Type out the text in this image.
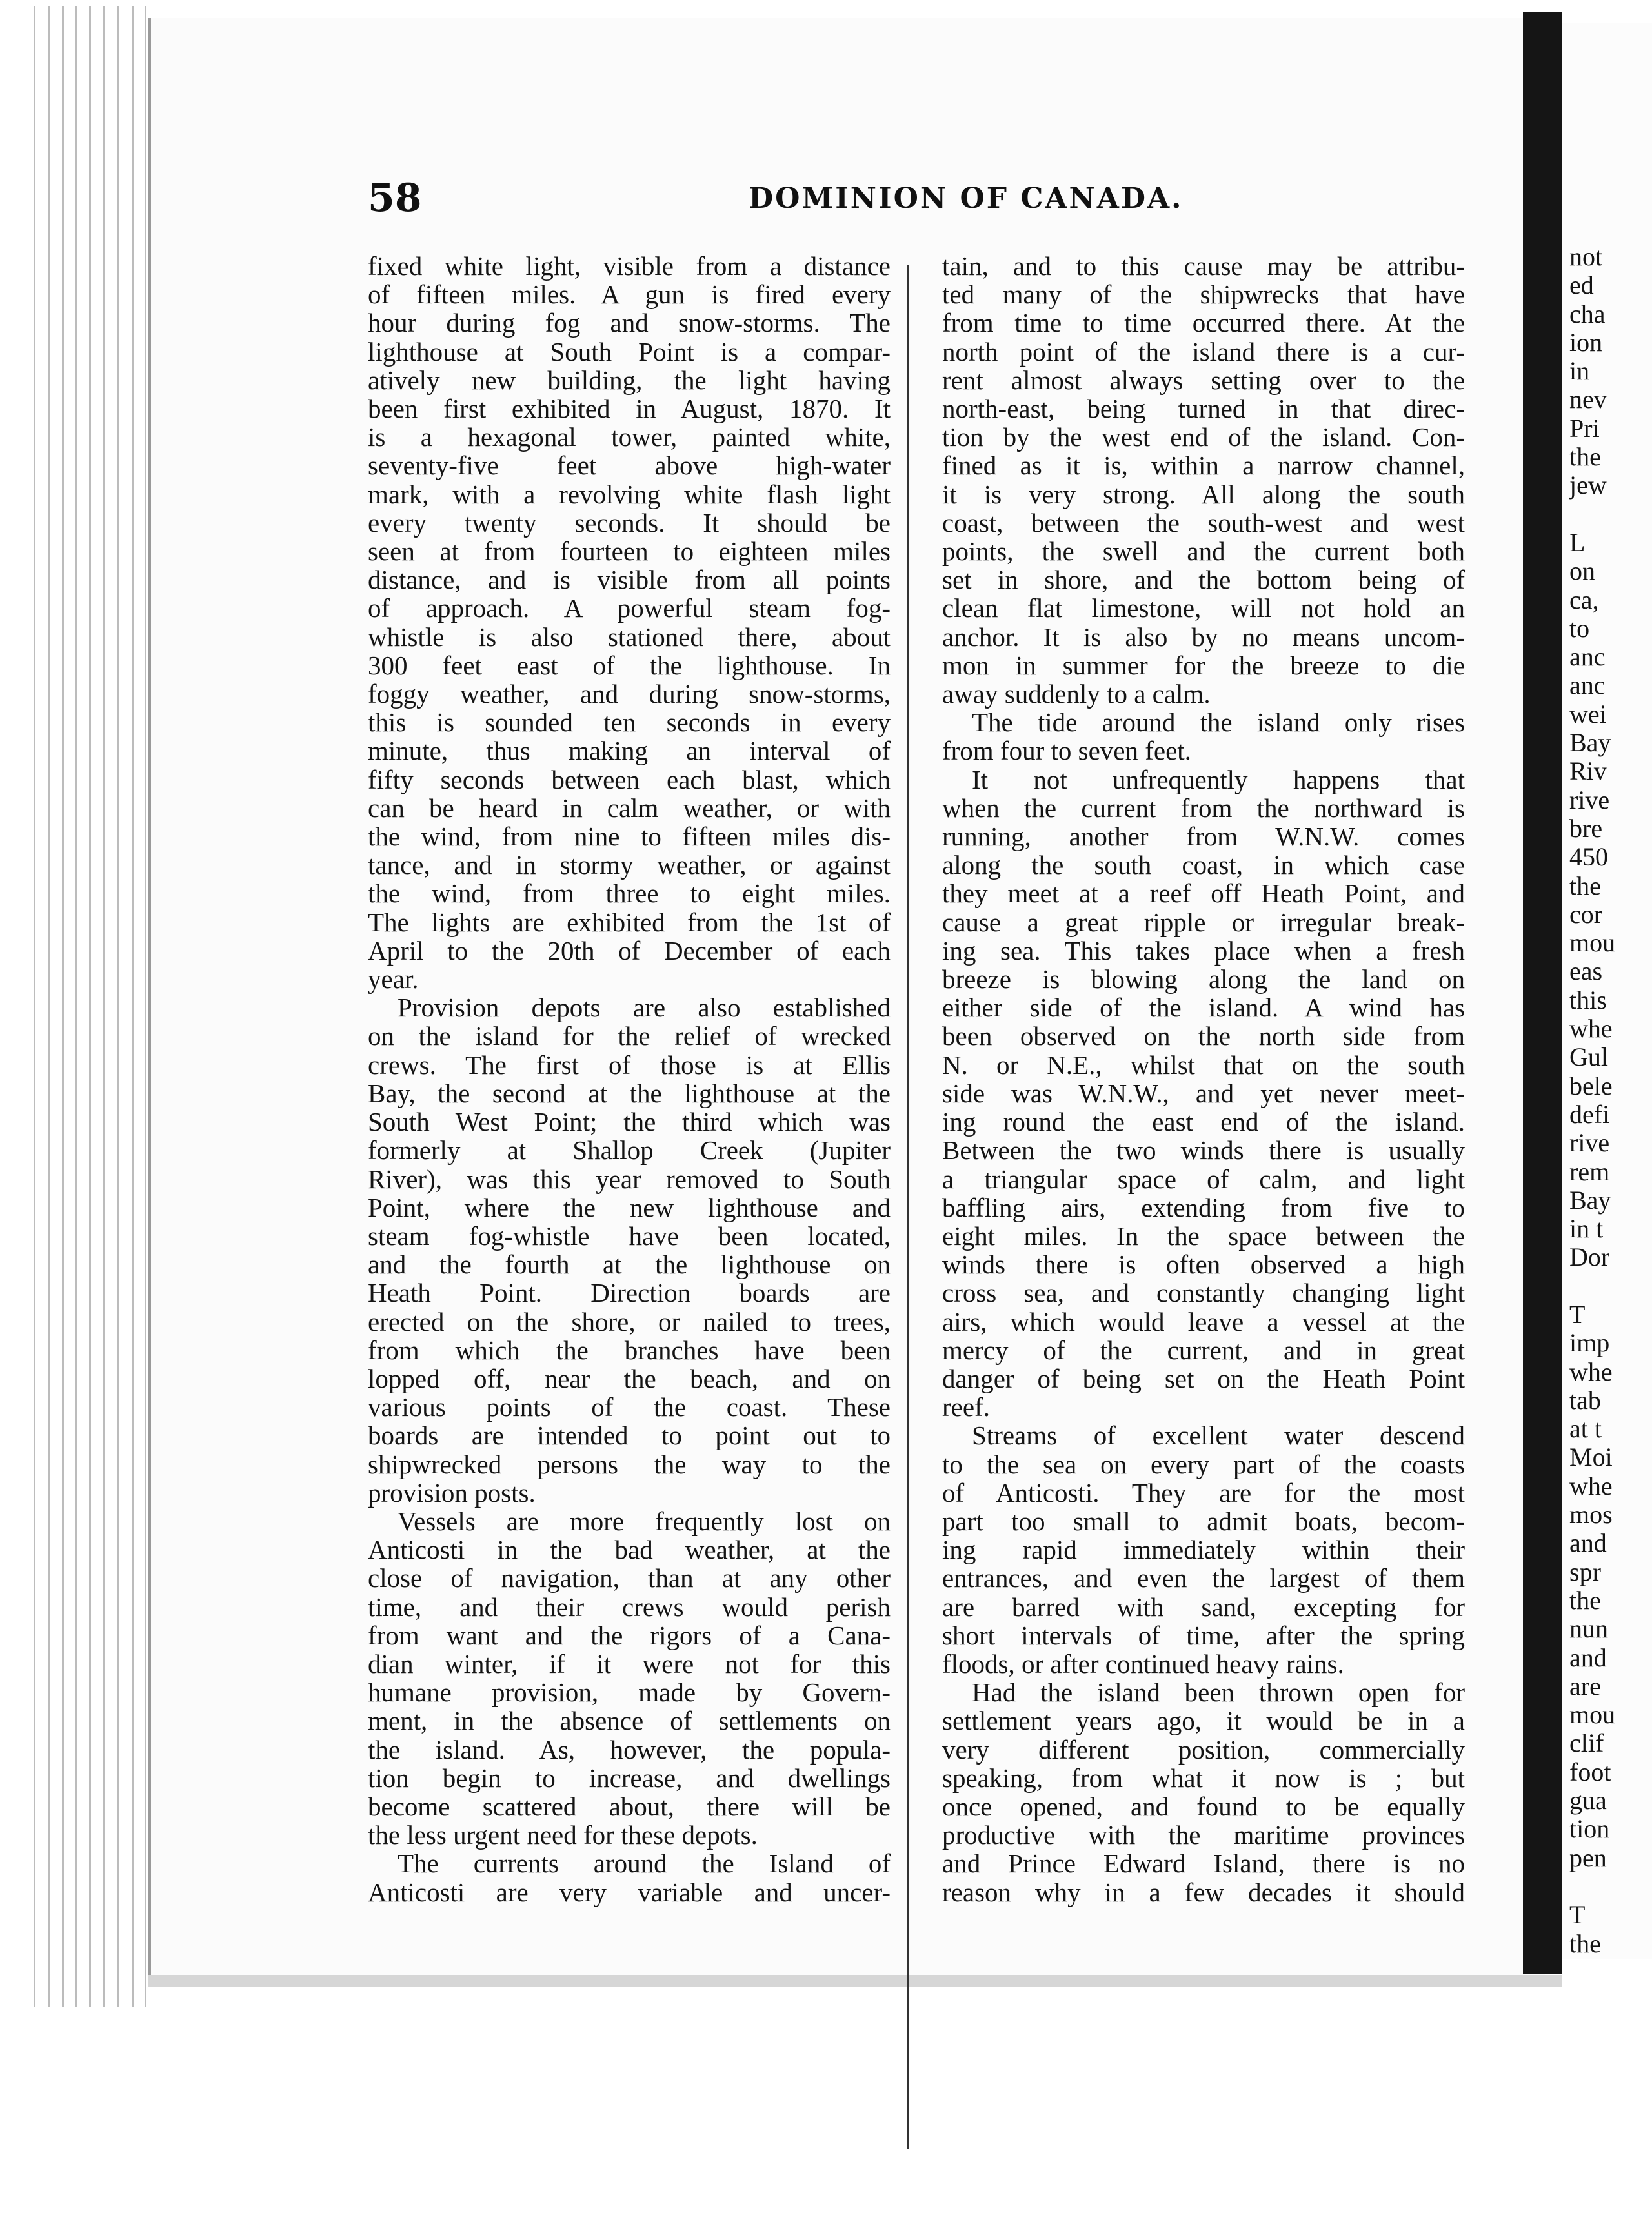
58	DOMINION OF CANADA.

fixed white light, visible from a distance
of fifteen miles. A gun is fired every
hour during fog and snow-storms. The
lighthouse at South Point is a compar-
atively new building, the light having
been first exhibited in August, 1870. It
is a hexagonal tower, painted white,
seventy-five feet above high-water
mark, with a revolving white flash light
every twenty seconds. It should be
seen at from fourteen to eighteen miles
distance, and is visible from all points
of approach. A powerful steam fog-
whistle is also stationed there, about
300 feet east of the lighthouse. In
foggy weather, and during snow-storms,
this is sounded ten seconds in every
minute, thus making an interval of
fifty seconds between each blast, which
can be heard in calm weather, or with
the wind, from nine to fifteen miles dis-
tance, and in stormy weather, or against
the wind, from three to eight miles.
The lights are exhibited from the 1st of
April to the 20th of December of each
year.
Provision depots are also established
on the island for the relief of wrecked
crews. The first of those is at Ellis
Bay, the second at the lighthouse at the
South West Point; the third which was
formerly at Shallop Creek (Jupiter
River), was this year removed to South
Point, where the new lighthouse and
steam fog-whistle have been located,
and the fourth at the lighthouse on
Heath Point. Direction boards are
erected on the shore, or nailed to trees,
from which the branches have been
lopped off, near the beach, and on
various points of the coast. These
boards are intended to point out to
shipwrecked persons the way to the
provision posts.
Vessels are more frequently lost on
Anticosti in the bad weather, at the
close of navigation, than at any other
time, and their crews would perish
from want and the rigors of a Cana-
dian winter, if it were not for this
humane provision, made by Govern-
ment, in the absence of settlements on
the island. As, however, the popula-
tion begin to increase, and dwellings
become scattered about, there will be
the less urgent need for these depots.
The currents around the Island of
Anticosti are very variable and uncer-
tain, and to this cause may be attribu-
ted many of the shipwrecks that have
from time to time occurred there. At the
north point of the island there is a cur-
rent almost always setting over to the
north-east, being turned in that direc-
tion by the west end of the island. Con-
fined as it is, within a narrow channel,
it is very strong. All along the south
coast, between the south-west and west
points, the swell and the current both
set in shore, and the bottom being of
clean flat limestone, will not hold an
anchor. It is also by no means uncom-
mon in summer for the breeze to die
away suddenly to a calm.
The tide around the island only rises
from four to seven feet.
It not unfrequently happens that
when the current from the northward is
running, another from W.N.W. comes
along the south coast, in which case
they meet at a reef off Heath Point, and
cause a great ripple or irregular break-
ing sea. This takes place when a fresh
breeze is blowing along the land on
either side of the island. A wind has
been observed on the north side from
N. or N.E., whilst that on the south
side was W.N.W., and yet never meet-
ing round the east end of the island.
Between the two winds there is usually
a triangular space of calm, and light
baffling airs, extending from five to
eight miles. In the space between the
winds there is often observed a high
cross sea, and constantly changing light
airs, which would leave a vessel at the
mercy of the current, and in great
danger of being set on the Heath Point
reef.
Streams of excellent water descend
to the sea on every part of the coasts
of Anticosti. They are for the most
part too small to admit boats, becom-
ing rapid immediately within their
entrances, and even the largest of them
are barred with sand, excepting for
short intervals of time, after the spring
floods, or after continued heavy rains.
Had the island been thrown open for
settlement years ago, it would be in a
very different position, commercially
speaking, from what it now is ; but
once opened, and found to be equally
productive with the maritime provinces
and Prince Edward Island, there is no
reason why in a few decades it should
not
ed
cha
ion
in
nev
Pri
the
jew
L
on
ca,
to
anc
anc
wei
Bay
Riv
rive
bre
450
the
cor
mou
eas
this
whe
Gul
bele
defi
rive
rem
Bay
in t
Dor
T
imp
whe
tab
at t
Moi
whe
mos
and
spr
the
nun
and
are
mou
clif
foot
gua
tion
pen
T
the
